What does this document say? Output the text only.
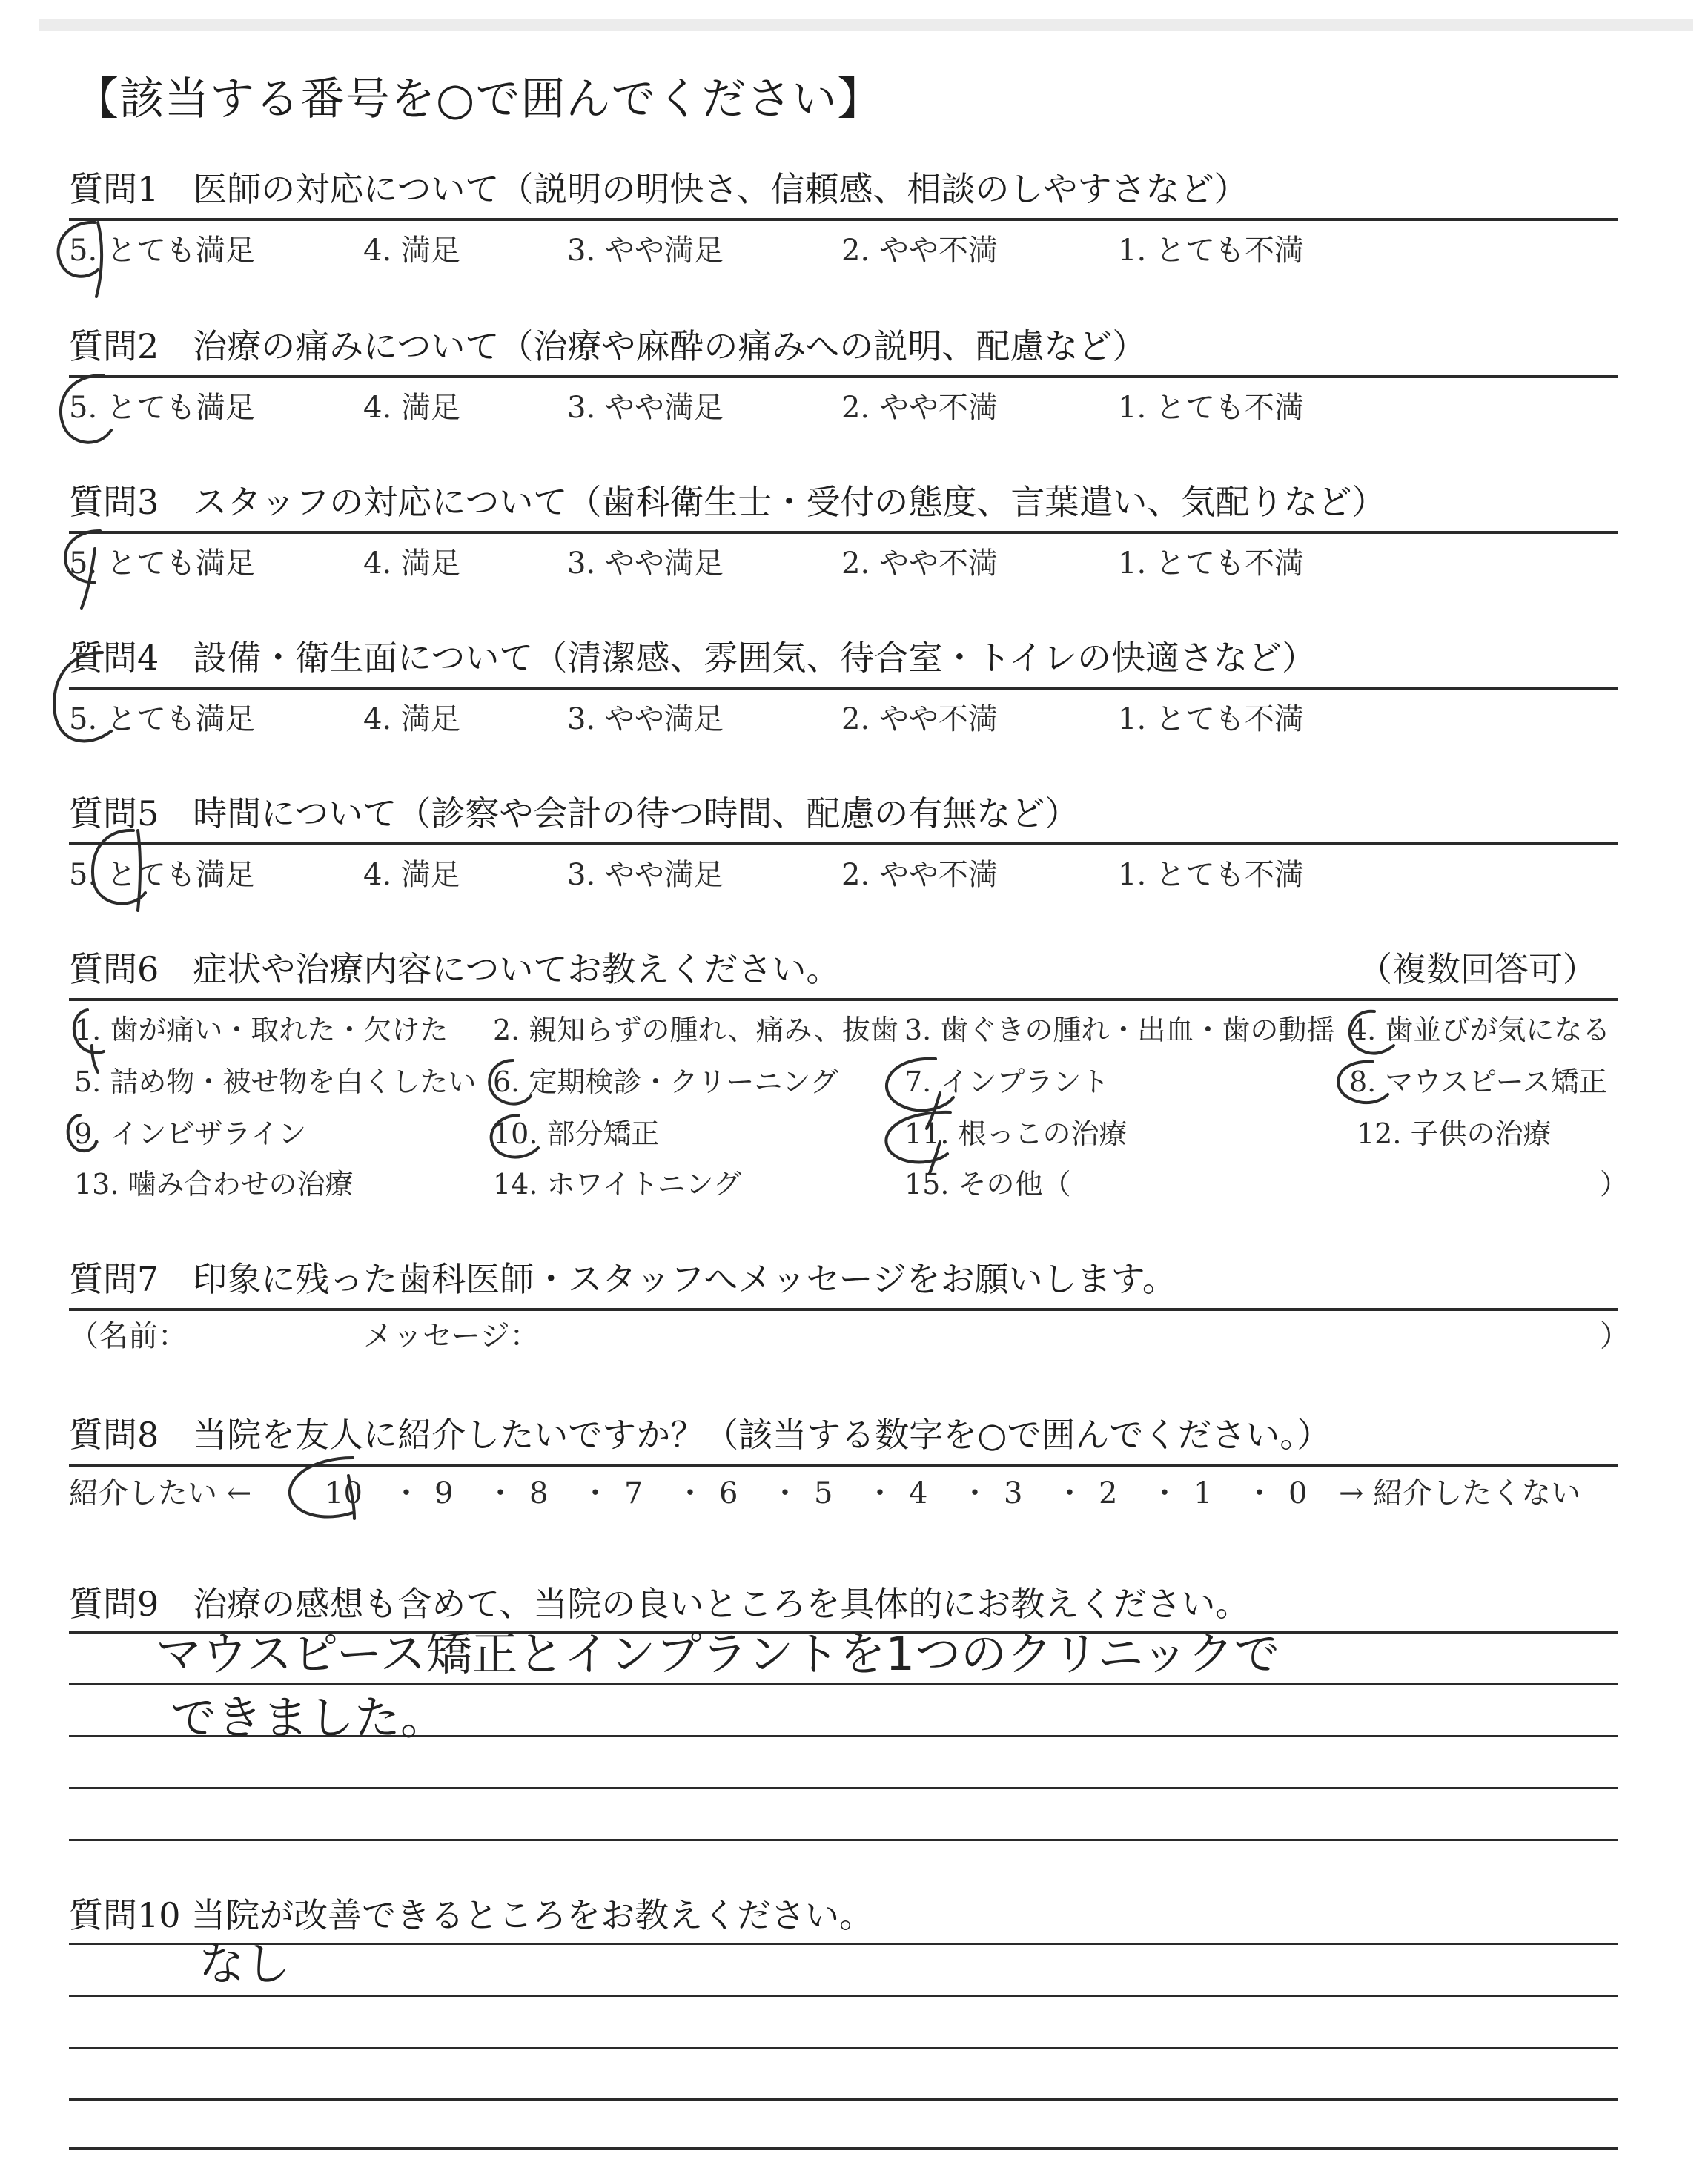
【該当する番号を○で囲んでください】
質問1　医師の対応について（説明の明快さ、信頼感、相談のしやすさなど）
5. とても満足	4. 満足	3. やや満足	2. やや不満	1. とても不満
質問2　治療の痛みについて（治療や麻酔の痛みへの説明、配慮など）
5. とても満足	4. 満足	3. やや満足	2. やや不満	1. とても不満
質問3　スタッフの対応について（歯科衛生士・受付の態度、言葉遣い、気配りなど）
5. とても満足	4. 満足	3. やや満足	2. やや不満	1. とても不満
質問4　設備・衛生面について（清潔感、雰囲気、待合室・トイレの快適さなど）
5. とても満足	4. 満足	3. やや満足	2. やや不満	1. とても不満
質問5　時間について（診察や会計の待つ時間、配慮の有無など）
5. とても満足	4. 満足	3. やや満足	2. やや不満	1. とても不満
質問6　症状や治療内容についてお教えください。	（複数回答可）
1. 歯が痛い・取れた・欠けた 2. 親知らずの腫れ、痛み、抜歯 3. 歯ぐきの腫れ・出血・歯の動揺 4. 歯並びが気になる
5. 詰め物・被せ物を白くしたい 6. 定期検診・クリーニング 7. インプラント	8. マウスピース矯正
9. インビザライン	10. 部分矯正	11. 根っこの治療	12. 子供の治療
13. 噛み合わせの治療	14. ホワイトニング	15. その他（	）
質問7　印象に残った歯科医師・スタッフへメッセージをお願いします。
（名前：	メッセージ：	）
質問8　当院を友人に紹介したいですか？（該当する数字を○で囲んでください。）
紹介したい ← 10 ・ 9 ・ 8 ・ 7 ・ 6 ・ 5 ・ 4 ・ 3 ・ 2 ・ 1 ・ 0 → 紹介したくない
質問9　治療の感想も含めて、当院の良いところを具体的にお教えください。
質問10 当院が改善できるところをお教えください。
マウスピース矯正とインプラントを1つのクリニックで
できました。
なし
